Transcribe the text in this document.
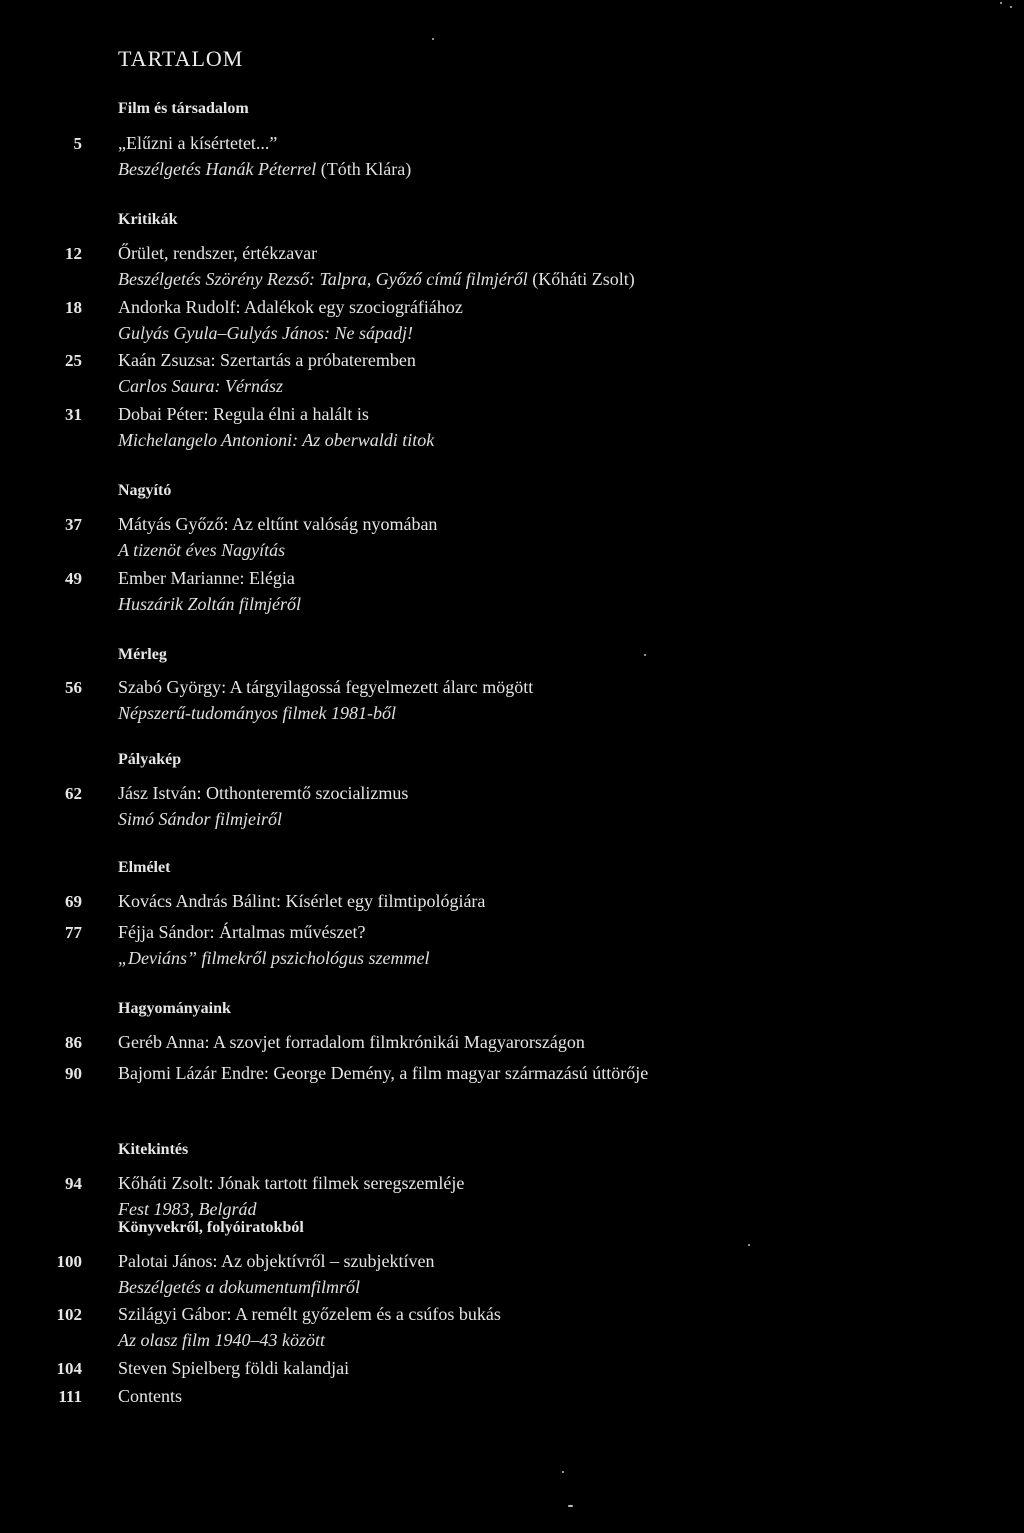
TARTALOM
Film és társadalom
5 „Elűzni a kísértetet...”
Beszélgetés Hanák Péterrel (Tóth Klára)
Kritikák
12 Őrület, rendszer, értékzavar
Beszélgetés Szörény Rezső: Talpra, Győző című filmjéről (Kőháti Zsolt)
18 Andorka Rudolf: Adalékok egy szociográfiához
Gulyás Gyula–Gulyás János: Ne sápadj!
25 Kaán Zsuzsa: Szertartás a próbateremben
Carlos Saura: Vérnász
31 Dobai Péter: Regula élni a halált is
Michelangelo Antonioni: Az oberwaldi titok
Nagyító
37 Mátyás Győző: Az eltűnt valóság nyomában
A tizenöt éves Nagyítás
49 Ember Marianne: Elégia
Huszárik Zoltán filmjéről
Mérleg
56 Szabó György: A tárgyilagossá fegyelmezett álarc mögött
Népszerű-tudományos filmek 1981-ből
Pályakép
62 Jász István: Otthonteremtő szocializmus
Simó Sándor filmjeiről
Elmélet
69 Kovács András Bálint: Kísérlet egy filmtipológiára
77 Féjja Sándor: Ártalmas művészet?
„Deviáns” filmekről pszichológus szemmel
Hagyományaink
86 Geréb Anna: A szovjet forradalom filmkrónikái Magyarországon
90 Bajomi Lázár Endre: George Demény, a film magyar származású úttörője
Kitekintés
94 Kőháti Zsolt: Jónak tartott filmek seregszemléje
Fest 1983, Belgrád
Könyvekről, folyóiratokból
100 Palotai János: Az objektívről – szubjektíven
Beszélgetés a dokumentumfilmről
102 Szilágyi Gábor: A remélt győzelem és a csúfos bukás
Az olasz film 1940–43 között
104 Steven Spielberg földi kalandjai
111 Contents
